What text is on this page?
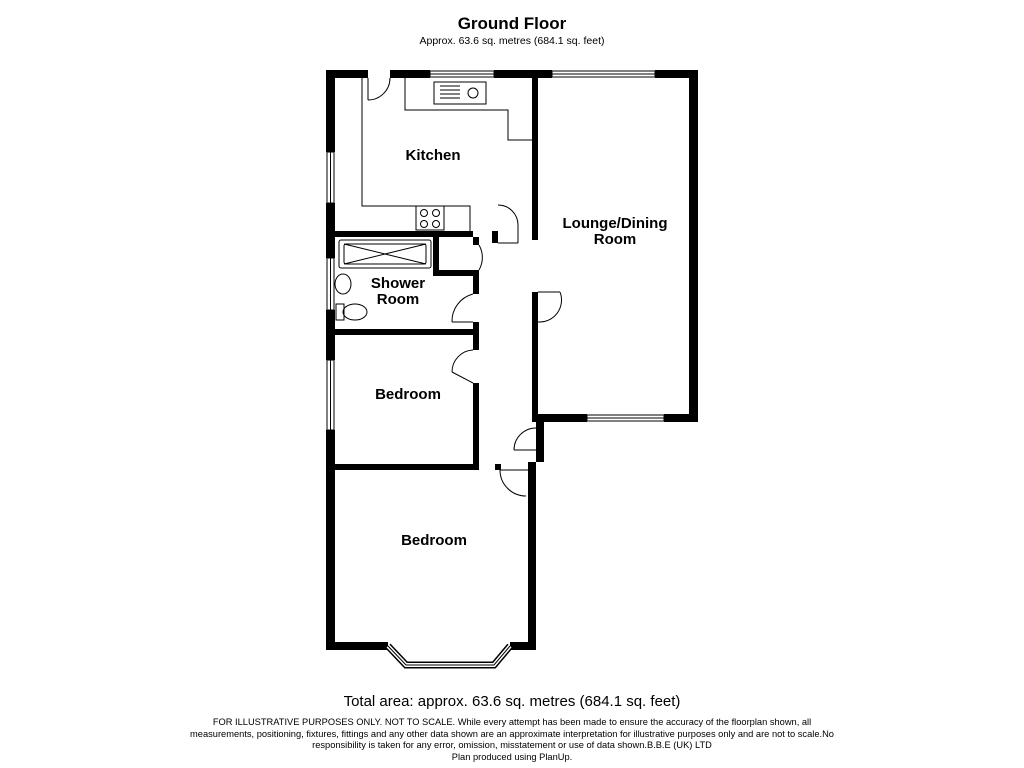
Ground Floor
Approx. 63.6 sq. metres (684.1 sq. feet)
Kitchen
Lounge/Dining
Room
Shower
Room
Bedroom
Bedroom
Total area: approx. 63.6 sq. metres (684.1 sq. feet)
FOR ILLUSTRATIVE PURPOSES ONLY. NOT TO SCALE. While every attempt has been made to ensure the accuracy of the floorplan shown, all measurements, positioning, fixtures, fittings and any other data shown are an approximate interpretation for illustrative purposes only and are not to scale.No responsibility is taken for any error, omission, misstatement or use of data shown.B.B.E (UK) LTD
Plan produced using PlanUp.
